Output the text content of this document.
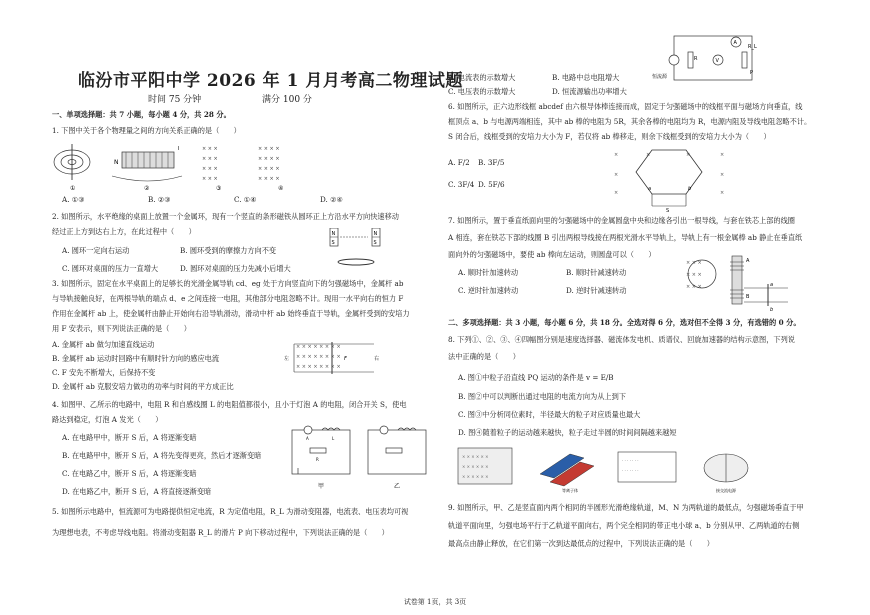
临汾市平阳中学 2026 年 1 月月考高二物理试题
时间 75 分钟	满分 100 分
一、单项选择题：共 7 小题，每小题 4 分，共 28 分。
1. 下图中关于各个物理量之间的方向关系正确的是（　　）
N
I	× × ×
× × ×
× × ×
× × ×
× × × ×
× × × ×
× × × ×
× × × ×
①	②	③	④
A. ①③	B. ②③	C. ①④	D. ②④
2. 如图所示，水平绝缘的桌面上放置一个金属环，现有一个竖直的条形磁铁从圆环正上方沿水平方向快速移动
经过正上方到达右上方，在此过程中（　　）
A. 圆环一定向右运动	B. 圆环受到的摩擦力方向不变
C. 圆环对桌面的压力一直增大	D. 圆环对桌面的压力先减小后增大
N
S
N
S
3. 如图所示，固定在水平桌面上的足够长的光滑金属导轨 cd、eg 处于方向竖直向下的匀强磁场中，金属杆 ab
与导轨接触良好，在两根导轨的端点 d、e 之间连接一电阻，其他部分电阻忽略不计。现用一水平向右的恒力 F
作用在金属杆 ab 上，使金属杆由静止开始向右沿导轨滑动，滑动中杆 ab 始终垂直于导轨，金属杆受到的安培力
用 F 安表示，则下列说法正确的是（　　）
A. 金属杆 ab 做匀加速直线运动
B. 金属杆 ab 运动时回路中有顺时针方向的感应电流
C. F 安先不断增大，后保持不变
D. 金属杆 ab 克服安培力做功的功率与时间的平方成正比
× × × × × × × ×
× × × × × × × ×
× × × × × × × ×
左	右
F
4. 如图甲、乙所示的电路中，电阻 R 和自感线圈 L 的电阻值都很小，且小于灯泡 A 的电阻，闭合开关 S，使电
路达到稳定，灯泡 A 发光（　　）
A. 在电路甲中，断开 S 后，A 将逐渐变暗
B. 在电路甲中，断开 S 后，A 将先变得更亮，然后才逐渐变暗
C. 在电路乙中，断开 S 后，A 将逐渐变暗
D. 在电路乙中，断开 S 后，A 将直接逐渐变暗
甲	乙
A	L
R
5. 如图所示电路中，恒流源可为电路提供恒定电流，R 为定值电阻，R_L 为滑动变阻器，电流表、电压表均可视
为理想电表，不考虑导线电阻。将滑动变阻器 R_L 的滑片 P 向下移动过程中，下列说法正确的是（　　）
A. 电流表的示数增大	B. 电路中总电阻增大
C. 电压表的示数增大	D. 恒流源输出功率增大
恒流源
A
V
R
R_L
P
6. 如图所示，正六边形线框 abcdef 由六根导体棒连接而成，固定于匀强磁场中的线框平面与磁场方向垂直，线
框顶点 a、b 与电源两端相连，其中 ab 棒的电阻为 5R，其余各棒的电阻均为 R，电源内阻及导线电阻忽略不计。
S 闭合后，线框受到的安培力大小为 F，若仅将 ab 棒移走，则余下线框受到的安培力大小为（　　）
A. F/2 B. 3F/5
C. 3F/4 D. 5F/6
×	×	×	×
×	×
×	×
a	b
S
7. 如图所示，置于垂直纸面向里的匀强磁场中的金属圆盘中央和边缘各引出一根导线，与套在铁芯上部的线圈
A 相连，套在铁芯下部的线圈 B 引出两根导线接在两根光滑水平导轨上，导轨上有一根金属棒 ab 静止在垂直纸
面向外的匀强磁场中，要使 ab 棒向左运动，则圆盘可以（　　）
A. 顺时针加速转动	B. 顺时针减速转动
C. 逆时针加速转动	D. 逆时针减速转动
× × ×
× × ×
× × ×
A
B
a
b
二、多项选择题：共 3 小题，每小题 6 分，共 18 分。全选对得 6 分，选对但不全得 3 分，有选错的 0 分。
8. 下列①、②、③、④四幅图分别是速度选择器、磁流体发电机、质谱仪、回旋加速器的结构示意图，下列说
法中正确的是（　　）
A. 图①中粒子沿直线 PQ 运动的条件是 v = E/B
B. 图②中可以判断出通过电阻的电流方向为从上到下
C. 图③中分析同位素时，半径最大的粒子对应质量也最大
D. 图④随着粒子的运动越来越快，粒子走过半圆的时间间隔越来越短
× × × × × ×
× × × × × ×
× × × × × ×
等离子体
· · · · · · ·
· · · · · · ·
接交流电源
9. 如图所示，甲、乙是竖直面内两个相同的半圆形光滑绝缘轨道，M、N 为两轨道的最低点，匀强磁场垂直于甲
轨道平面向里，匀强电场平行于乙轨道平面向右，两个完全相同的带正电小球 a、b 分别从甲、乙两轨道的右侧
最高点由静止释放，在它们第一次到达最低点的过程中，下列说法正确的是（　　）
试卷第 1页，共 3页
